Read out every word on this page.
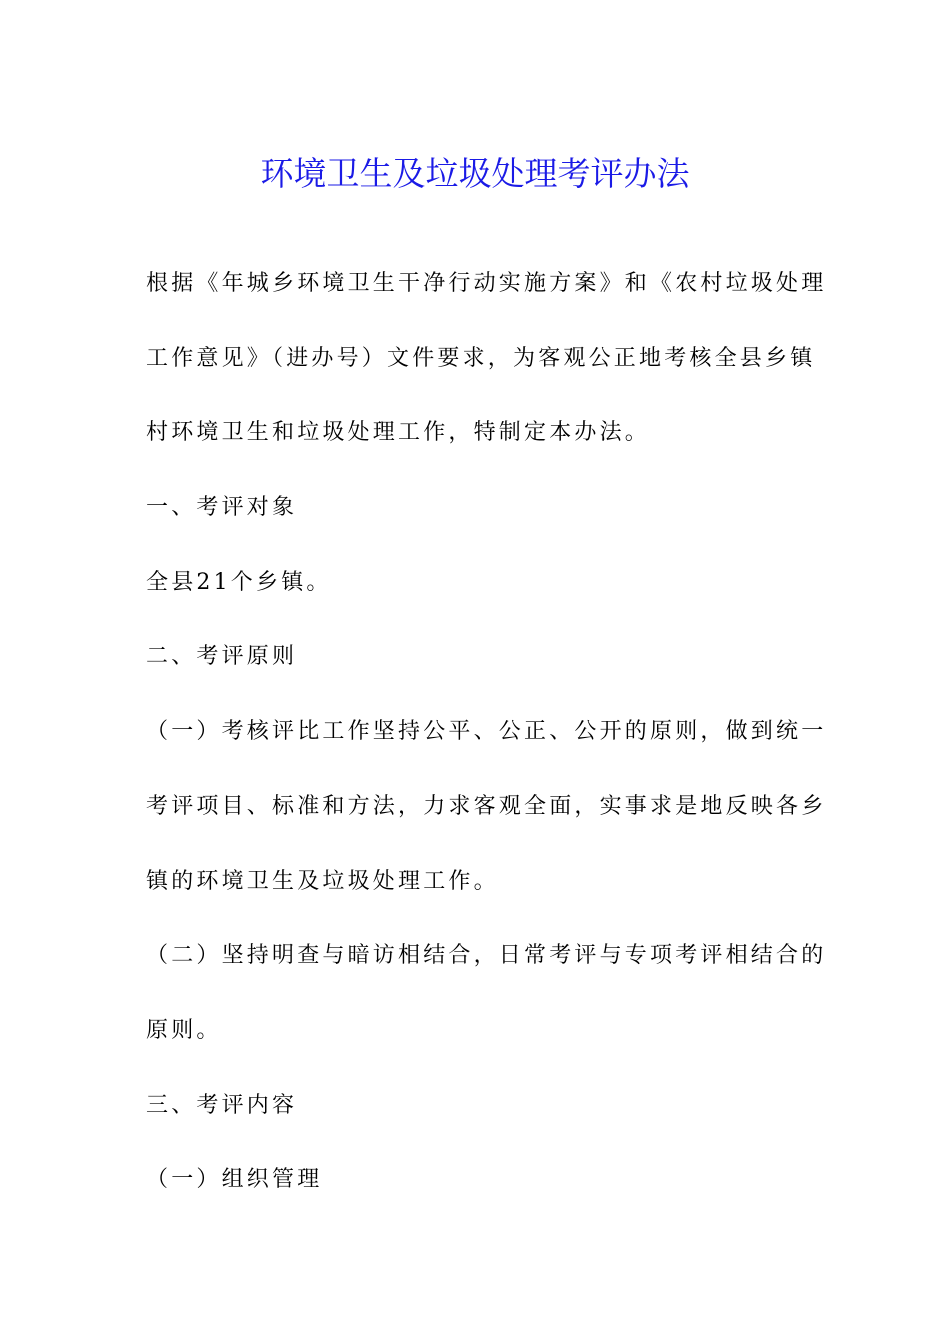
环境卫生及垃圾处理考评办法
根据《年城乡环境卫生干净行动实施方案》和《农村垃圾处理
工作意见》（进办号）文件要求，为客观公正地考核全县乡镇
村环境卫生和垃圾处理工作，特制定本办法。
一、考评对象
全县21个乡镇。
二、考评原则
（一）考核评比工作坚持公平、公正、公开的原则，做到统一
考评项目、标准和方法，力求客观全面，实事求是地反映各乡
镇的环境卫生及垃圾处理工作。
（二）坚持明查与暗访相结合，日常考评与专项考评相结合的
原则。
三、考评内容
（一）组织管理
